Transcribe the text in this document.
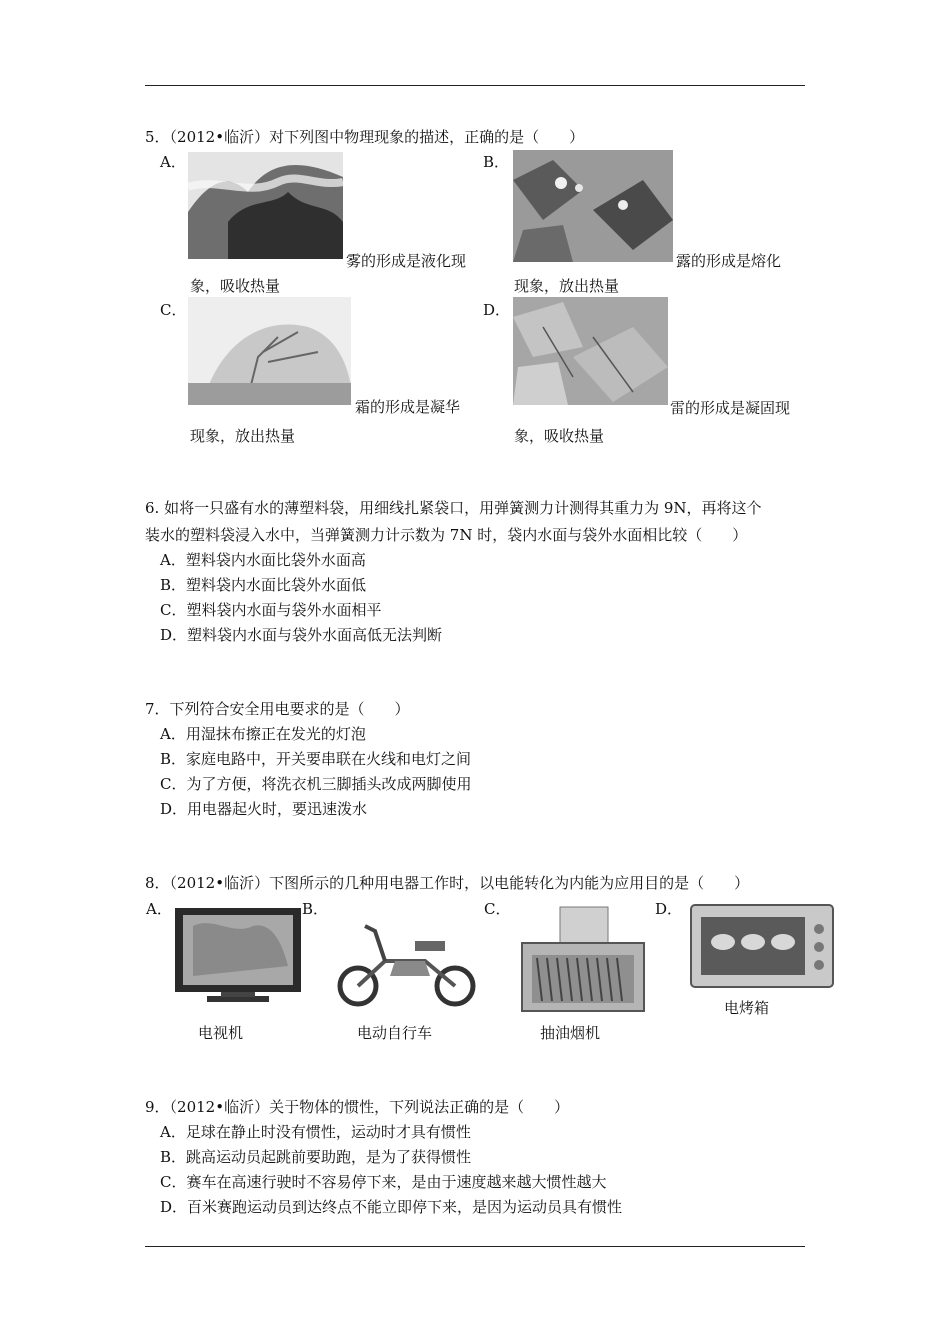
5．（2012•临沂）对下列图中物理现象的描述，正确的是（　　）
A．
雾的形成是液化现
象，吸收热量
B．
露的形成是熔化
现象，放出热量
C．
霜的形成是凝华
现象，放出热量
D．
雷的形成是凝固现
象，吸收热量
6. 如将一只盛有水的薄塑料袋，用细线扎紧袋口，用弹簧测力计测得其重力为 9N，再将这个
装水的塑料袋浸入水中，当弹簧测力计示数为 7N 时，袋内水面与袋外水面相比较（　　）
A．塑料袋内水面比袋外水面高
B．塑料袋内水面比袋外水面低
C．塑料袋内水面与袋外水面相平
D．塑料袋内水面与袋外水面高低无法判断
7．下列符合安全用电要求的是（　　）
A．用湿抹布擦正在发光的灯泡
B．家庭电路中，开关要串联在火线和电灯之间
C．为了方便，将洗衣机三脚插头改成两脚使用
D．用电器起火时，要迅速泼水
8．（2012•临沂）下图所示的几种用电器工作时，以电能转化为内能为应用目的是（　　）
A．
电视机
B．
电动自行车
C．
抽油烟机
D．
电烤箱
9．（2012•临沂）关于物体的惯性，下列说法正确的是（　　）
A．足球在静止时没有惯性，运动时才具有惯性
B．跳高运动员起跳前要助跑，是为了获得惯性
C．赛车在高速行驶时不容易停下来，是由于速度越来越大惯性越大
D．百米赛跑运动员到达终点不能立即停下来，是因为运动员具有惯性
